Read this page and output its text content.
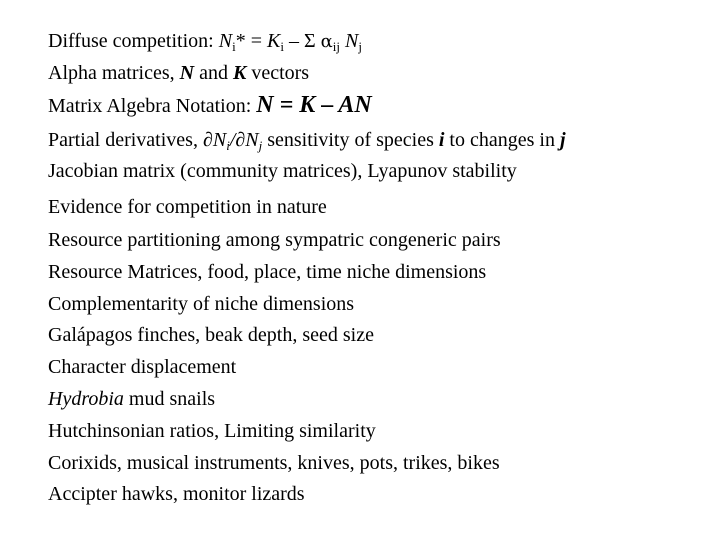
Diffuse competition: $N_i* = K_i - \Sigma$ $\alpha_{ij}$ $N_j$
Alpha matrices, N and K vectors
Matrix Algebra Notation: N = K – AN
Partial derivatives, $\partial N_i/\partial N_j$ sensitivity of species i to changes in j
Jacobian matrix (community matrices), Lyapunov stability
Evidence for competition in nature
Resource partitioning among sympatric congeneric pairs
Resource Matrices, food, place, time niche dimensions
Complementarity of niche dimensions
Galápagos finches, beak depth, seed size
Character displacement
Hydrobia mud snails
Hutchinsonian ratios, Limiting similarity
Corixids, musical instruments, knives, pots, trikes, bikes
Accipter hawks, monitor lizards
